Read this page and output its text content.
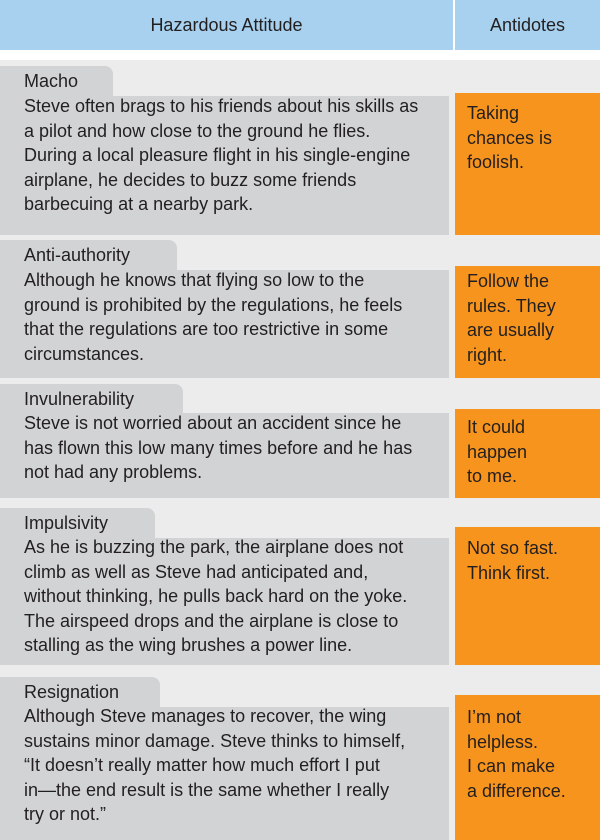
Hazardous Attitude	Antidotes
Macho
Steve often brags to his friends about his skills as
a pilot and how close to the ground he flies.
During a local pleasure flight in his single-engine
airplane, he decides to buzz some friends
barbecuing at a nearby park.
Taking
chances is
foolish.
Anti-authority
Although he knows that flying so low to the
ground is prohibited by the regulations, he feels
that the regulations are too restrictive in some
circumstances.
Follow the
rules. They
are usually
right.
Invulnerability
Steve is not worried about an accident since he
has flown this low many times before and he has
not had any problems.
It could
happen
to me.
Impulsivity
As he is buzzing the park, the airplane does not
climb as well as Steve had anticipated and,
without thinking, he pulls back hard on the yoke.
The airspeed drops and the airplane is close to
stalling as the wing brushes a power line.
Not so fast.
Think first.
Resignation
Although Steve manages to recover, the wing
sustains minor damage. Steve thinks to himself,
“It doesn’t really matter how much effort I put
in—the end result is the same whether I really
try or not.”
I’m not
helpless.
I can make
a difference.
